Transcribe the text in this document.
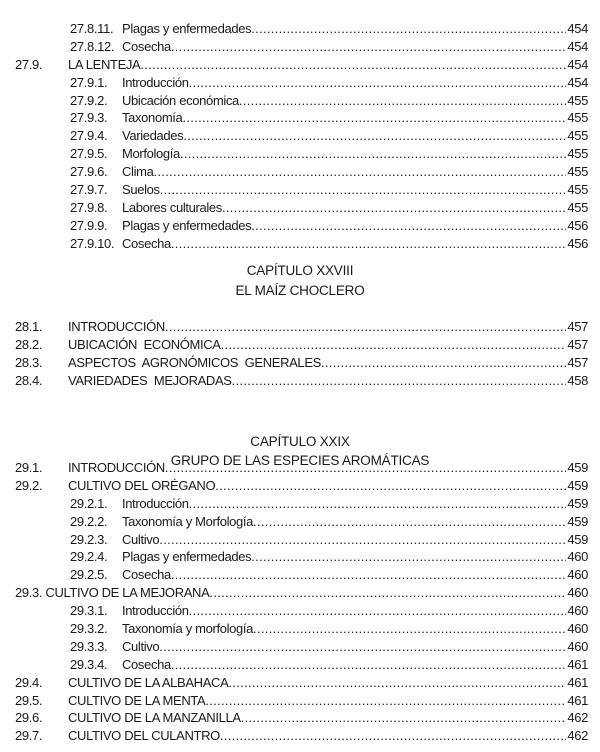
27.8.11. Plagas y enfermedades .....	454
27.8.12. Cosecha .....	454
27.9. LA LENTEJA .....	454
27.9.1. Introducción .....	454
27.9.2. Ubicación económica .....	455
27.9.3. Taxonomía .....	455
27.9.4. Variedades .....	455
27.9.5. Morfología .....	455
27.9.6. Clima .....	455
27.9.7. Suelos .....	455
27.9.8. Labores culturales .....	455
27.9.9. Plagas y enfermedades .....	456
27.9.10. Cosecha .....	456
CAPÍTULO XXVIII
EL MAÍZ CHOCLERO
28.1. INTRODUCCIÓN .....	457
28.2. UBICACIÓN  ECONÓMICA .....	457
28.3. ASPECTOS  AGRONÓMICOS  GENERALES .....	457
28.4. VARIEDADES  MEJORADAS .....	458
CAPÍTULO XXIX
GRUPO DE LAS ESPECIES AROMÁTICAS
29.1. INTRODUCCIÓN .....	459
29.2. CULTIVO DEL ORÉGANO .....	459
29.2.1. Introducción .....	459
29.2.2. Taxonomía y Morfología .....	459
29.2.3. Cultivo .....	459
29.2.4. Plagas y enfermedades .....	460
29.2.5. Cosecha .....	460
29.3. CULTIVO DE LA MEJORANA .....	460
29.3.1. Introducción .....	460
29.3.2. Taxonomía y morfología .....	460
29.3.3. Cultivo .....	460
29.3.4. Cosecha .....	461
29.4. CULTIVO DE LA ALBAHACA .....	461
29.5. CULTIVO DE LA MENTA .....	461
29.6. CULTIVO DE LA MANZANILLA .....	462
29.7. CULTIVO DEL CULANTRO .....	462
